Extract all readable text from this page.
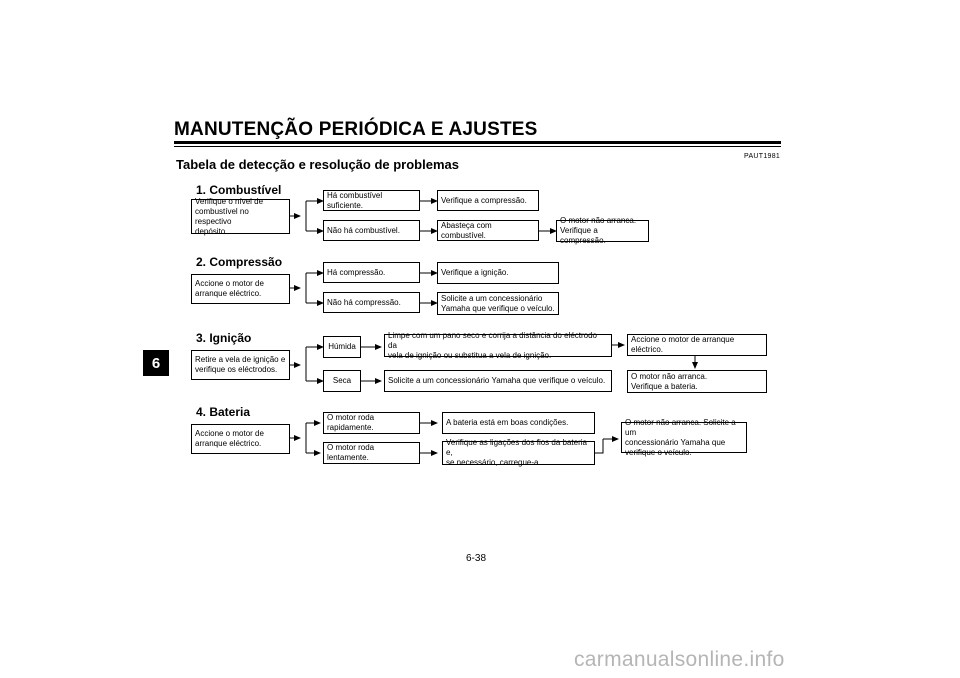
MANUTENÇÃO PERIÓDICA E AJUSTES
6
PAUT1981
Tabela de detecção e resolução de problemas
1. Combustível
Verifique o nível de
combustível no respectivo
depósito.
Há combustível suficiente.
Verifique a compressão.
Não há combustível.
Abasteça com combustível.
O motor não arranca.
Verifique a compressão.
2. Compressão
Accione o motor de
arranque eléctrico.
Há compressão.	Verifique a ignição.
Não há compressão.	Solicite a um concessionário
Yamaha que verifique o veículo.
3. Ignição
Retire a vela de ignição e
verifique os eléctrodos.
Húmida
Limpe com um pano seco e corrija a distância do eléctrodo da
vela de ignição ou substitua a vela de ignição.
Accione o motor de arranque eléctrico.
O motor não arranca.
Verifique a bateria.
Seca	Solicite a um concessionário Yamaha que verifique o veículo.
4. Bateria
Accione o motor de
arranque eléctrico.
O motor roda rapidamente.
A bateria está em boas condições.
O motor roda lentamente.
Verifique as ligações dos fios da bateria e,
se necessário, carregue-a.
O motor não arranca. Solicite a um
concessionário Yamaha que
verifique o veículo.
6-38
carmanualsonline.info
